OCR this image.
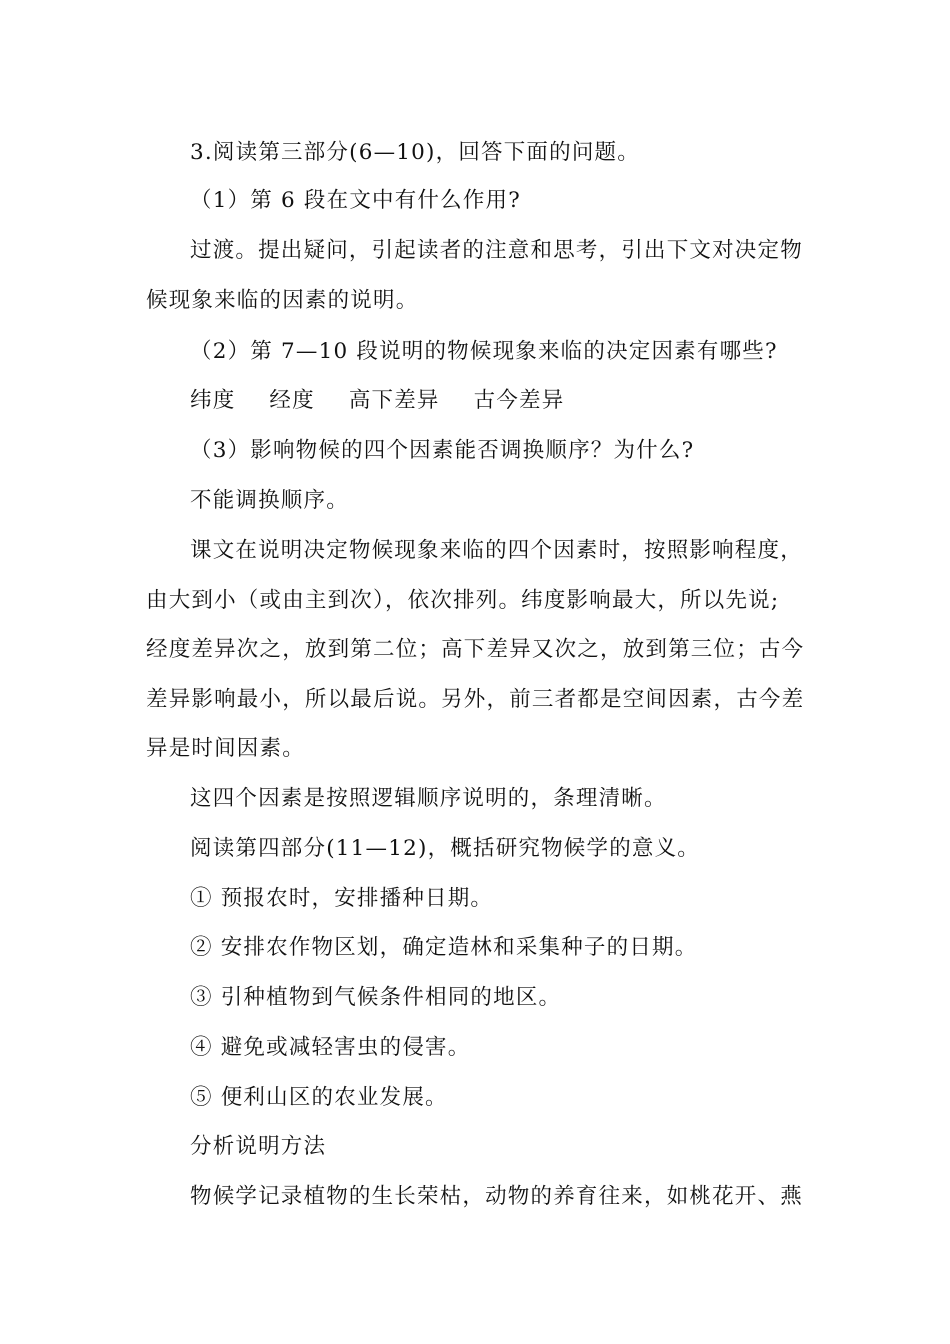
3.阅读第三部分(6—10)，回答下面的问题。
（1）第 6 段在文中有什么作用?
过渡。提出疑问，引起读者的注意和思考，引出下文对决定物
候现象来临的因素的说明。
（2）第 7—10 段说明的物候现象来临的决定因素有哪些?
纬度 经度 高下差异 古今差异
（3）影响物候的四个因素能否调换顺序？为什么?
不能调换顺序。
课文在说明决定物候现象来临的四个因素时，按照影响程度，
由大到小（或由主到次），依次排列。纬度影响最大，所以先说;
经度差异次之，放到第二位；高下差异又次之，放到第三位；古今
差异影响最小，所以最后说。另外，前三者都是空间因素，古今差
异是时间因素。
这四个因素是按照逻辑顺序说明的，条理清晰。
阅读第四部分(11—12)，概括研究物候学的意义。
① 预报农时，安排播种日期。
② 安排农作物区划，确定造林和采集种子的日期。
③ 引种植物到气候条件相同的地区。
④ 避免或减轻害虫的侵害。
⑤ 便利山区的农业发展。
分析说明方法
物候学记录植物的生长荣枯，动物的养育往来，如桃花开、燕
